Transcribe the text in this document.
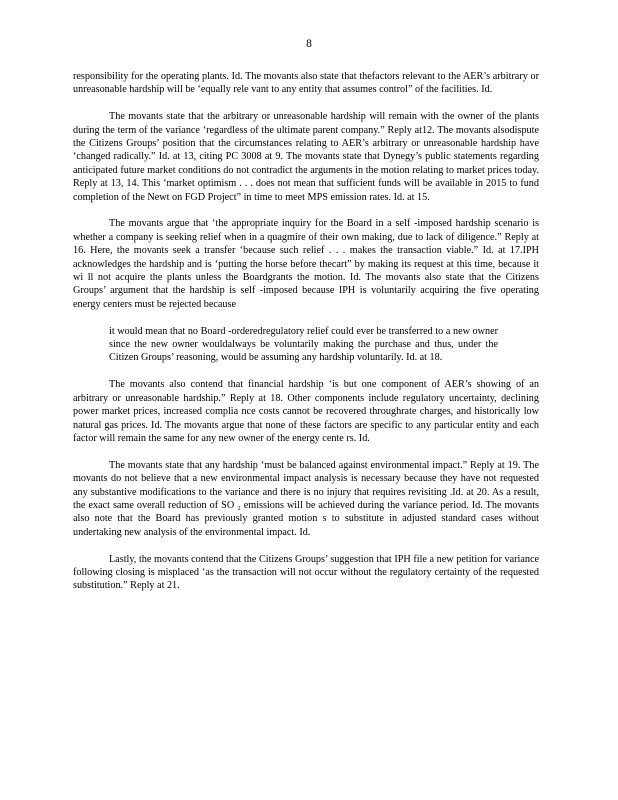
8

responsibility for the operating plants. Id. The movants also state that thefactors relevant to the AER’s arbitrary or unreasonable hardship will be ‘equally rele vant to any entity that assumes control” of the facilities. Id.

The movants state that the arbitrary or unreasonable hardship will remain with the owner of the plants during the term of the variance ‘regardless of the ultimate parent company.” Reply at12. The movants alsodispute the Citizens Groups’ position that the circumstances relating to AER’s arbitrary or unreasonable hardship have ‘changed radically.” Id. at 13, citing PC 3008 at 9. The movants state that Dynegy’s public statements regarding anticipated future market conditions do not contradict the arguments in the motion relating to market prices today. Reply at 13, 14. This ‘market optimism . . . does not mean that sufficient funds will be available in 2015 to fund completion of the Newt on FGD Project” in time to meet MPS emission rates. Id. at 15.

The movants argue that ‘the appropriate inquiry for the Board in a self -imposed hardship scenario is whether a company is seeking relief when in a quagmire of their own making, due to lack of diligence.” Reply at 16. Here, the movants seek a transfer ‘because such relief . . . makes the transaction viable.” Id. at 17.IPH acknowledges the hardship and is ‘putting the horse before thecart” by making its request at this time, because it wi ll not acquire the plants unless the Boardgrants the motion. Id. The movants also state that the Citizens Groups’ argument that the hardship is self -imposed because IPH is voluntarily acquiring the five operating energy centers must be rejected because

it would mean that no Board -orderedregulatory relief could ever be transferred to a new owner since the new owner wouldalways be voluntarily making the purchase and thus, under the Citizen Groups’ reasoning, would be assuming any hardship voluntarily. Id. at 18.

The movants also contend that financial hardship ‘is but one component of AER’s showing of an arbitrary or unreasonable hardship.” Reply at 18. Other components include regulatory uncertainty, declining power market prices, increased complia nce costs cannot be recovered throughrate charges, and historically low natural gas prices. Id. The movants argue that none of these factors are specific to any particular entity and each factor will remain the same for any new owner of the energy cente rs. Id.

The movants state that any hardship ‘must be balanced against environmental impact.” Reply at 19. The movants do not believe that a new environmental impact analysis is necessary because they have not requested any substantive modifications to the variance and there is no injury that requires revisiting .Id. at 20. As a result, the exact same overall reduction of SO ₂ emissions will be achieved during the variance period. Id. The movants also note that the Board has previously granted motion s to substitute in adjusted standard cases without undertaking new analysis of the environmental impact. Id.

Lastly, the movants contend that the Citizens Groups’ suggestion that IPH file a new petition for variance following closing is misplaced ‘as the transaction will not occur without the regulatory certainty of the requested substitution.” Reply at 21.
